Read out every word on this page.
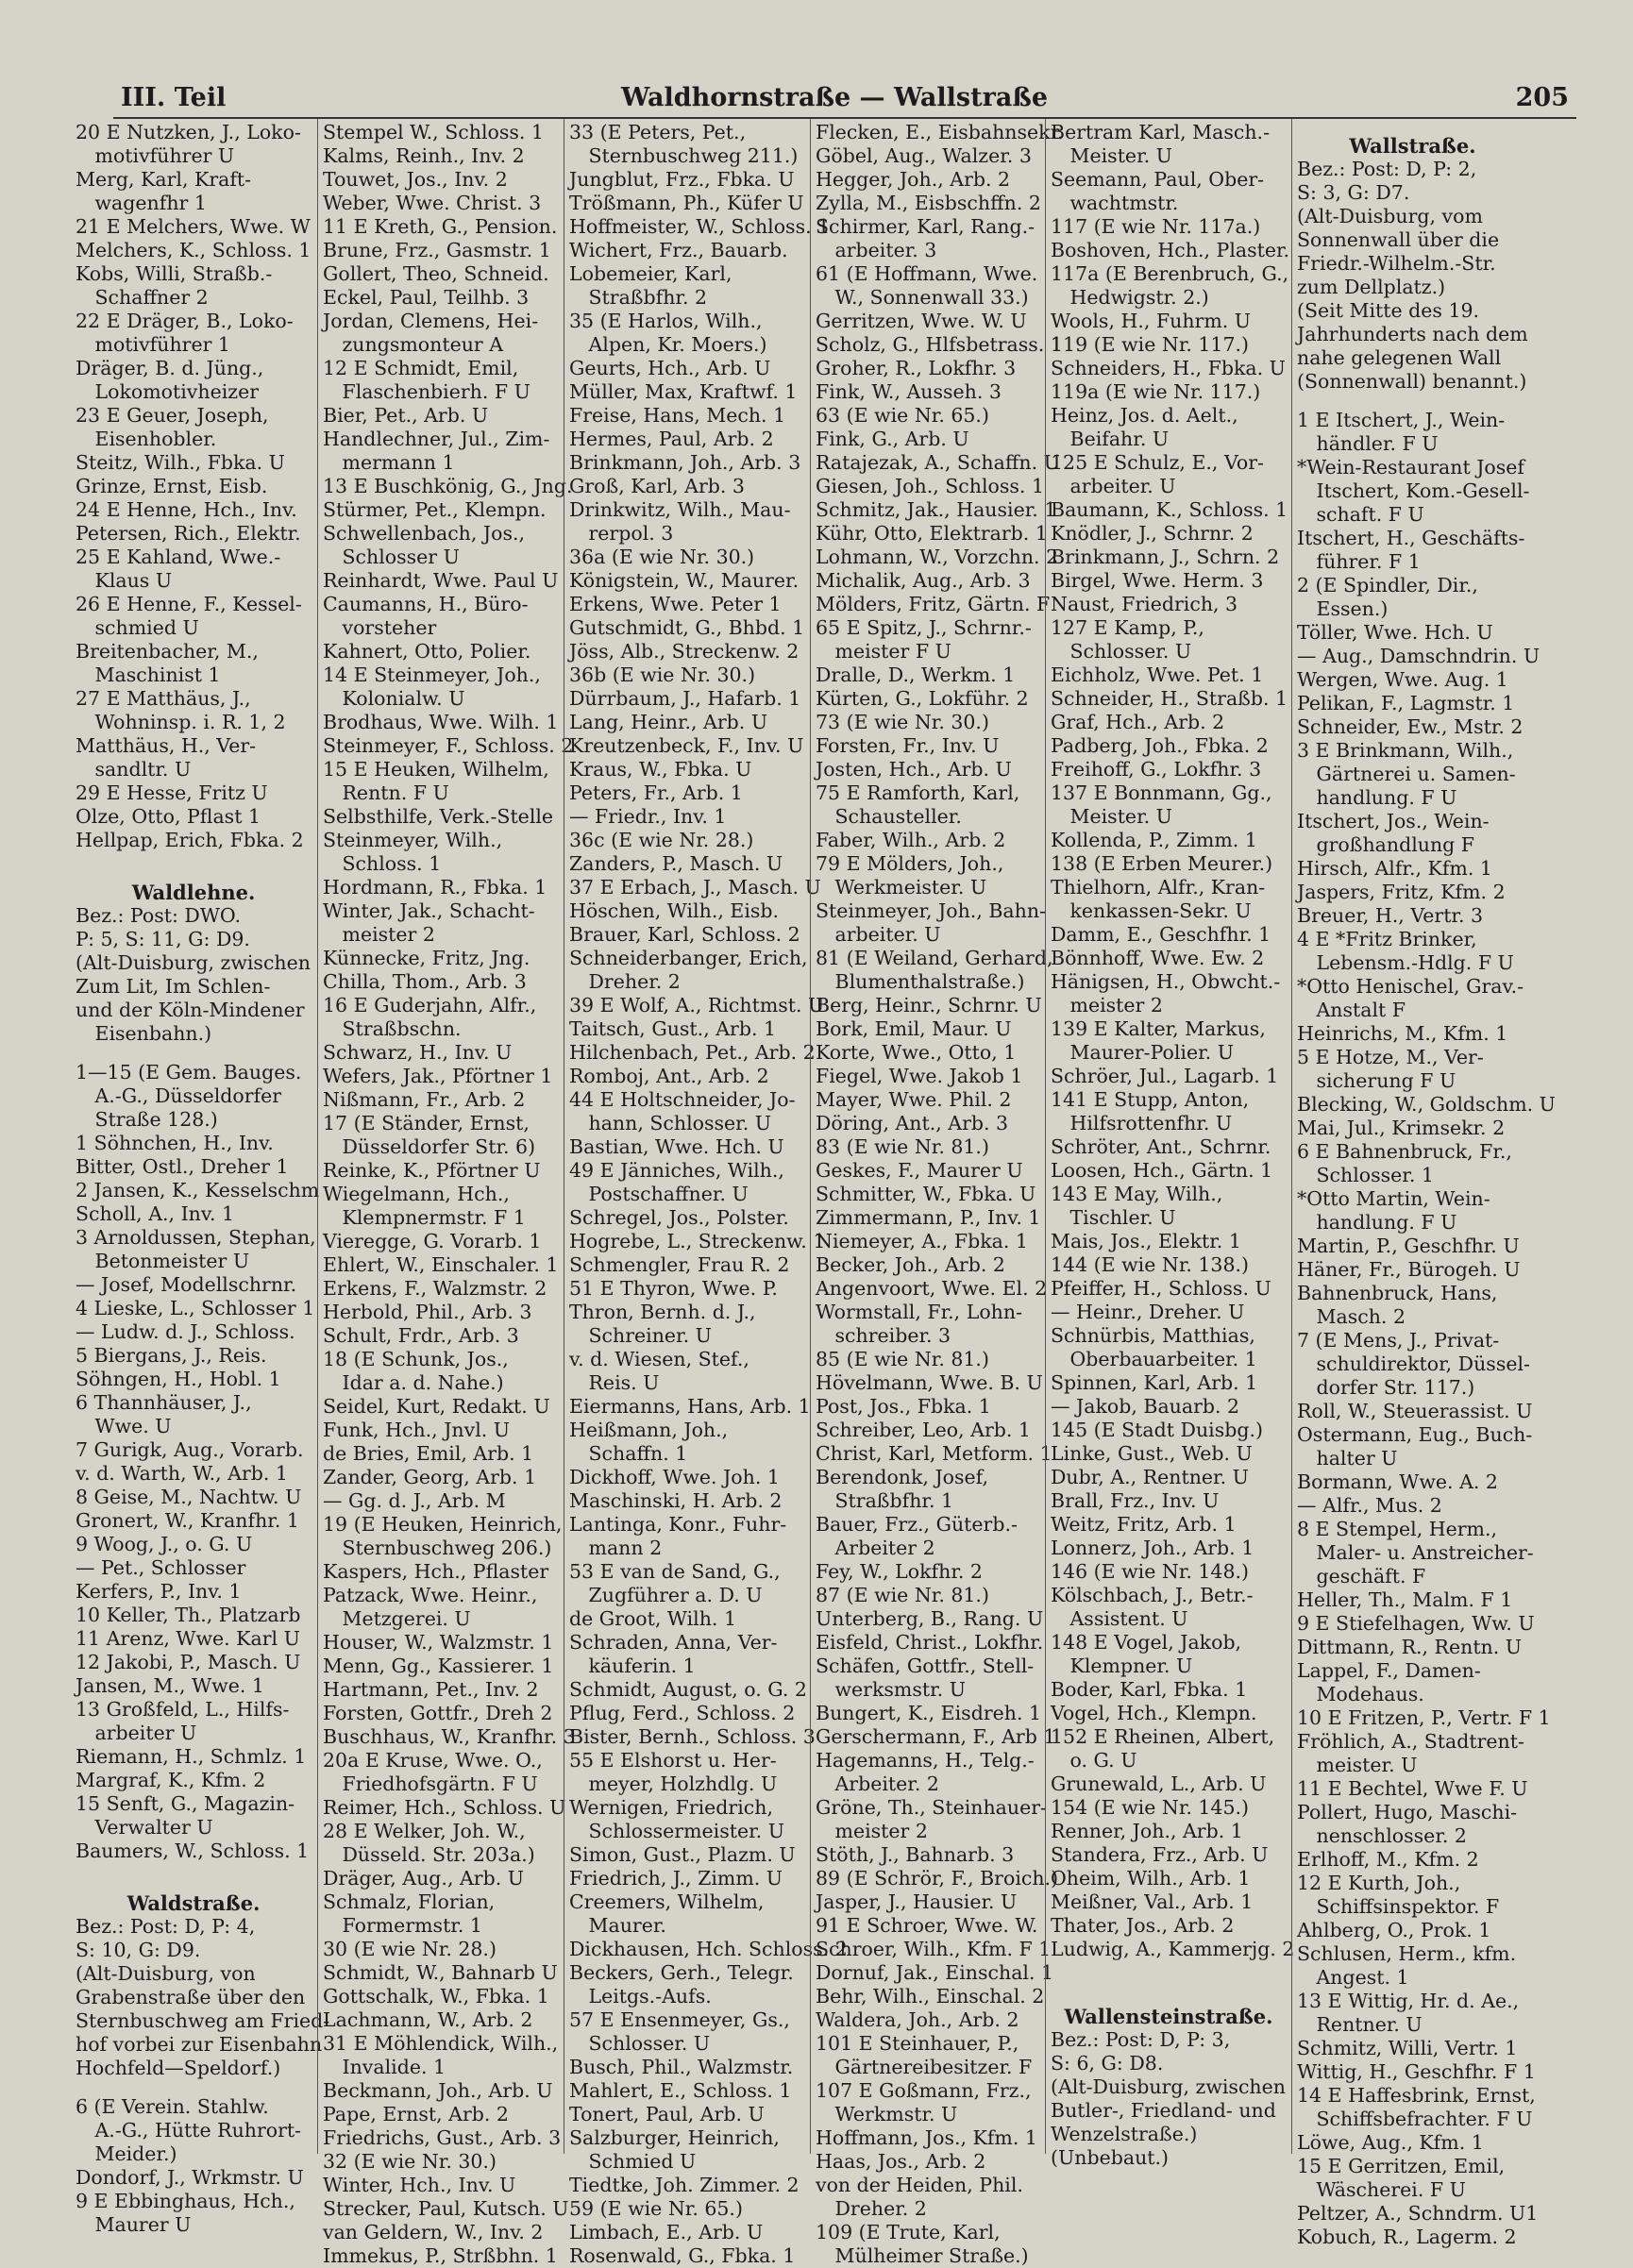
III. Teil	Waldhornstraße — Wallstraße	205
20 E Nutzken, J., Loko-
 motivführer U
Merg, Karl, Kraft-
 wagenfhr 1
21 E Melchers, Wwe. W
Melchers, K., Schloss. 1
Kobs, Willi, Straßb.-
 Schaffner 2
22 E Dräger, B., Loko-
 motivführer 1
Dräger, B. d. Jüng.,
 Lokomotivheizer
23 E Geuer, Joseph,
 Eisenhobler.
Steitz, Wilh., Fbka. U
Grinze, Ernst, Eisb.
24 E Henne, Hch., Inv.
Petersen, Rich., Elektr.
25 E Kahland, Wwe.-
 Klaus U
26 E Henne, F., Kessel-
 schmied U
Breitenbacher, M.,
 Maschinist 1
27 E Matthäus, J.,
 Wohninsp. i. R. 1, 2
Matthäus, H., Ver-
 sandltr. U
29 E Hesse, Fritz U
Olze, Otto, Pflast 1
Hellpap, Erich, Fbka. 2
Waldlehne.
Bez.: Post: DWO.
P: 5, S: 11, G: D9.
(Alt-Duisburg, zwischen
Zum Lit, Im Schlen-
und der Köln-Mindener
 Eisenbahn.)
1—15 (E Gem. Bauges.
 A.-G., Düsseldorfer
 Straße 128.)
1 Söhnchen, H., Inv.
Bitter, Ostl., Dreher 1
2 Jansen, K., Kesselschm
Scholl, A., Inv. 1
3 Arnoldussen, Stephan,
 Betonmeister U
— Josef, Modellschrnr.
4 Lieske, L., Schlosser 1
— Ludw. d. J., Schloss.
5 Biergans, J., Reis.
Söhngen, H., Hobl. 1
6 Thannhäuser, J.,
 Wwe. U
7 Gurigk, Aug., Vorarb.
v. d. Warth, W., Arb. 1
8 Geise, M., Nachtw. U
Gronert, W., Kranfhr. 1
9 Woog, J., o. G. U
— Pet., Schlosser
Kerfers, P., Inv. 1
10 Keller, Th., Platzarb
11 Arenz, Wwe. Karl U
12 Jakobi, P., Masch. U
Jansen, M., Wwe. 1
13 Großfeld, L., Hilfs-
 arbeiter U
Riemann, H., Schmlz. 1
Margraf, K., Kfm. 2
15 Senft, G., Magazin-
 Verwalter U
Baumers, W., Schloss. 1
Waldstraße.
Bez.: Post: D, P: 4,
S: 10, G: D9.
(Alt-Duisburg, von
Grabenstraße über den
Sternbuschweg am Fried-
hof vorbei zur Eisenbahn
Hochfeld—Speldorf.)
6 (E Verein. Stahlw.
 A.-G., Hütte Ruhrort-
 Meider.)
Dondorf, J., Wrkmstr. U
9 E Ebbinghaus, Hch.,
 Maurer U
Stempel W., Schloss. 1
Kalms, Reinh., Inv. 2
Touwet, Jos., Inv. 2
Weber, Wwe. Christ. 3
11 E Kreth, G., Pension.
Brune, Frz., Gasmstr. 1
Gollert, Theo, Schneid.
Eckel, Paul, Teilhb. 3
Jordan, Clemens, Hei-
 zungsmonteur A
12 E Schmidt, Emil,
 Flaschenbierh. F U
Bier, Pet., Arb. U
Handlechner, Jul., Zim-
 mermann 1
13 E Buschkönig, G., Jng.
Stürmer, Pet., Klempn.
Schwellenbach, Jos.,
 Schlosser U
Reinhardt, Wwe. Paul U
Caumanns, H., Büro-
 vorsteher
Kahnert, Otto, Polier.
14 E Steinmeyer, Joh.,
 Kolonialw. U
Brodhaus, Wwe. Wilh. 1
Steinmeyer, F., Schloss. 2
15 E Heuken, Wilhelm,
 Rentn. F U
Selbsthilfe, Verk.-Stelle
Steinmeyer, Wilh.,
 Schloss. 1
Hordmann, R., Fbka. 1
Winter, Jak., Schacht-
 meister 2
Künnecke, Fritz, Jng.
Chilla, Thom., Arb. 3
16 E Guderjahn, Alfr.,
 Straßbschn.
Schwarz, H., Inv. U
Wefers, Jak., Pförtner 1
Nißmann, Fr., Arb. 2
17 (E Ständer, Ernst,
 Düsseldorfer Str. 6)
Reinke, K., Pförtner U
Wiegelmann, Hch.,
 Klempnermstr. F 1
Vieregge, G. Vorarb. 1
Ehlert, W., Einschaler. 1
Erkens, F., Walzmstr. 2
Herbold, Phil., Arb. 3
Schult, Frdr., Arb. 3
18 (E Schunk, Jos.,
 Idar a. d. Nahe.)
Seidel, Kurt, Redakt. U
Funk, Hch., Jnvl. U
de Bries, Emil, Arb. 1
Zander, Georg, Arb. 1
— Gg. d. J., Arb. M
19 (E Heuken, Heinrich,
 Sternbuschweg 206.)
Kaspers, Hch., Pflaster
Patzack, Wwe. Heinr.,
 Metzgerei. U
Houser, W., Walzmstr. 1
Menn, Gg., Kassierer. 1
Hartmann, Pet., Inv. 2
Forsten, Gottfr., Dreh 2
Buschhaus, W., Kranfhr. 3
20a E Kruse, Wwe. O.,
 Friedhofsgärtn. F U
Reimer, Hch., Schloss. U
28 E Welker, Joh. W.,
 Düsseld. Str. 203a.)
Dräger, Aug., Arb. U
Schmalz, Florian,
 Formermstr. 1
30 (E wie Nr. 28.)
Schmidt, W., Bahnarb U
Gottschalk, W., Fbka. 1
Lachmann, W., Arb. 2
31 E Möhlendick, Wilh.,
 Invalide. 1
Beckmann, Joh., Arb. U
Pape, Ernst, Arb. 2
Friedrichs, Gust., Arb. 3
32 (E wie Nr. 30.)
Winter, Hch., Inv. U
Strecker, Paul, Kutsch. U
van Geldern, W., Inv. 2
Immekus, P., Strßbhn. 1
33 (E Peters, Pet.,
 Sternbuschweg 211.)
Jungblut, Frz., Fbka. U
Trößmann, Ph., Küfer U
Hoffmeister, W., Schloss. 1
Wichert, Frz., Bauarb.
Lobemeier, Karl,
 Straßbfhr. 2
35 (E Harlos, Wilh.,
 Alpen, Kr. Moers.)
Geurts, Hch., Arb. U
Müller, Max, Kraftwf. 1
Freise, Hans, Mech. 1
Hermes, Paul, Arb. 2
Brinkmann, Joh., Arb. 3
Groß, Karl, Arb. 3
Drinkwitz, Wilh., Mau-
 rerpol. 3
36a (E wie Nr. 30.)
Königstein, W., Maurer.
Erkens, Wwe. Peter 1
Gutschmidt, G., Bhbd. 1
Jöss, Alb., Streckenw. 2
36b (E wie Nr. 30.)
Dürrbaum, J., Hafarb. 1
Lang, Heinr., Arb. U
Kreutzenbeck, F., Inv. U
Kraus, W., Fbka. U
Peters, Fr., Arb. 1
— Friedr., Inv. 1
36c (E wie Nr. 28.)
Zanders, P., Masch. U
37 E Erbach, J., Masch. U
Höschen, Wilh., Eisb.
Brauer, Karl, Schloss. 2
Schneiderbanger, Erich,
 Dreher. 2
39 E Wolf, A., Richtmst. U
Taitsch, Gust., Arb. 1
Hilchenbach, Pet., Arb. 2
Romboj, Ant., Arb. 2
44 E Holtschneider, Jo-
 hann, Schlosser. U
Bastian, Wwe. Hch. U
49 E Jänniches, Wilh.,
 Postschaffner. U
Schregel, Jos., Polster.
Hogrebe, L., Streckenw. 1
Schmengler, Frau R. 2
51 E Thyron, Wwe. P.
Thron, Bernh. d. J.,
 Schreiner. U
v. d. Wiesen, Stef.,
 Reis. U
Eiermanns, Hans, Arb. 1
Heißmann, Joh.,
 Schaffn. 1
Dickhoff, Wwe. Joh. 1
Maschinski, H. Arb. 2
Lantinga, Konr., Fuhr-
 mann 2
53 E van de Sand, G.,
 Zugführer a. D. U
de Groot, Wilh. 1
Schraden, Anna, Ver-
 käuferin. 1
Schmidt, August, o. G. 2
Pflug, Ferd., Schloss. 2
Bister, Bernh., Schloss. 3
55 E Elshorst u. Her-
 meyer, Holzhdlg. U
Wernigen, Friedrich,
 Schlossermeister. U
Simon, Gust., Plazm. U
Friedrich, J., Zimm. U
Creemers, Wilhelm,
 Maurer.
Dickhausen, Hch. Schloss. 2
Beckers, Gerh., Telegr.
 Leitgs.-Aufs.
57 E Ensenmeyer, Gs.,
 Schlosser. U
Busch, Phil., Walzmstr.
Mahlert, E., Schloss. 1
Tonert, Paul, Arb. U
Salzburger, Heinrich,
 Schmied U
Tiedtke, Joh. Zimmer. 2
59 (E wie Nr. 65.)
Limbach, E., Arb. U
Rosenwald, G., Fbka. 1
Flecken, E., Eisbahnsekr.
Göbel, Aug., Walzer. 3
Hegger, Joh., Arb. 2
Zylla, M., Eisbschffn. 2
Schirmer, Karl, Rang.-
 arbeiter. 3
61 (E Hoffmann, Wwe.
 W., Sonnenwall 33.)
Gerritzen, Wwe. W. U
Scholz, G., Hlfsbetrass. 1
Groher, R., Lokfhr. 3
Fink, W., Ausseh. 3
63 (E wie Nr. 65.)
Fink, G., Arb. U
Ratajezak, A., Schaffn. U
Giesen, Joh., Schloss. 1
Schmitz, Jak., Hausier. 1
Kühr, Otto, Elektrarb. 1
Lohmann, W., Vorzchn. 2
Michalik, Aug., Arb. 3
Mölders, Fritz, Gärtn. F
65 E Spitz, J., Schrnr.-
 meister F U
Dralle, D., Werkm. 1
Kürten, G., Lokführ. 2
73 (E wie Nr. 30.)
Forsten, Fr., Inv. U
Josten, Hch., Arb. U
75 E Ramforth, Karl,
 Schausteller.
Faber, Wilh., Arb. 2
79 E Mölders, Joh.,
 Werkmeister. U
Steinmeyer, Joh., Bahn-
 arbeiter. U
81 (E Weiland, Gerhard,
 Blumenthalstraße.)
Berg, Heinr., Schrnr. U
Bork, Emil, Maur. U
Korte, Wwe., Otto, 1
Fiegel, Wwe. Jakob 1
Mayer, Wwe. Phil. 2
Döring, Ant., Arb. 3
83 (E wie Nr. 81.)
Geskes, F., Maurer U
Schmitter, W., Fbka. U
Zimmermann, P., Inv. 1
Niemeyer, A., Fbka. 1
Becker, Joh., Arb. 2
Angenvoort, Wwe. El. 2
Wormstall, Fr., Lohn-
 schreiber. 3
85 (E wie Nr. 81.)
Hövelmann, Wwe. B. U
Post, Jos., Fbka. 1
Schreiber, Leo, Arb. 1
Christ, Karl, Metform. 1
Berendonk, Josef,
 Straßbfhr. 1
Bauer, Frz., Güterb.-
 Arbeiter 2
Fey, W., Lokfhr. 2
87 (E wie Nr. 81.)
Unterberg, B., Rang. U
Eisfeld, Christ., Lokfhr.
Schäfen, Gottfr., Stell-
 werksmstr. U
Bungert, K., Eisdreh. 1
Gerschermann, F., Arb 1
Hagemanns, H., Telg.-
 Arbeiter. 2
Gröne, Th., Steinhauer-
 meister 2
Stöth, J., Bahnarb. 3
89 (E Schrör, F., Broich.)
Jasper, J., Hausier. U
91 E Schroer, Wwe. W.
Schroer, Wilh., Kfm. F 1
Dornuf, Jak., Einschal. 1
Behr, Wilh., Einschal. 2
Waldera, Joh., Arb. 2
101 E Steinhauer, P.,
 Gärtnereibesitzer. F
107 E Goßmann, Frz.,
 Werkmstr. U
Hoffmann, Jos., Kfm. 1
Haas, Jos., Arb. 2
von der Heiden, Phil.
 Dreher. 2
109 (E Trute, Karl,
 Mülheimer Straße.)
Bertram Karl, Masch.-
 Meister. U
Seemann, Paul, Ober-
 wachtmstr.
117 (E wie Nr. 117a.)
Boshoven, Hch., Plaster.
117a (E Berenbruch, G.,
 Hedwigstr. 2.)
Wools, H., Fuhrm. U
119 (E wie Nr. 117.)
Schneiders, H., Fbka. U
119a (E wie Nr. 117.)
Heinz, Jos. d. Aelt.,
 Beifahr. U
125 E Schulz, E., Vor-
 arbeiter. U
Baumann, K., Schloss. 1
Knödler, J., Schrnr. 2
Brinkmann, J., Schrn. 2
Birgel, Wwe. Herm. 3
Naust, Friedrich, 3
127 E Kamp, P.,
 Schlosser. U
Eichholz, Wwe. Pet. 1
Schneider, H., Straßb. 1
Graf, Hch., Arb. 2
Padberg, Joh., Fbka. 2
Freihoff, G., Lokfhr. 3
137 E Bonnmann, Gg.,
 Meister. U
Kollenda, P., Zimm. 1
138 (E Erben Meurer.)
Thielhorn, Alfr., Kran-
 kenkassen-Sekr. U
Damm, E., Geschfhr. 1
Bönnhoff, Wwe. Ew. 2
Hänigsen, H., Obwcht.-
 meister 2
139 E Kalter, Markus,
 Maurer-Polier. U
Schröer, Jul., Lagarb. 1
141 E Stupp, Anton,
 Hilfsrottenfhr. U
Schröter, Ant., Schrnr.
Loosen, Hch., Gärtn. 1
143 E May, Wilh.,
 Tischler. U
Mais, Jos., Elektr. 1
144 (E wie Nr. 138.)
Pfeiffer, H., Schloss. U
— Heinr., Dreher. U
Schnürbis, Matthias,
 Oberbauarbeiter. 1
Spinnen, Karl, Arb. 1
— Jakob, Bauarb. 2
145 (E Stadt Duisbg.)
Linke, Gust., Web. U
Dubr, A., Rentner. U
Brall, Frz., Inv. U
Weitz, Fritz, Arb. 1
Lonnerz, Joh., Arb. 1
146 (E wie Nr. 148.)
Kölschbach, J., Betr.-
 Assistent. U
148 E Vogel, Jakob,
 Klempner. U
Boder, Karl, Fbka. 1
Vogel, Hch., Klempn.
152 E Rheinen, Albert,
 o. G. U
Grunewald, L., Arb. U
154 (E wie Nr. 145.)
Renner, Joh., Arb. 1
Standera, Frz., Arb. U
Oheim, Wilh., Arb. 1
Meißner, Val., Arb. 1
Thater, Jos., Arb. 2
Ludwig, A., Kammerjg. 2
Wallensteinstraße.
Bez.: Post: D, P: 3,
S: 6, G: D8.
(Alt-Duisburg, zwischen
Butler-, Friedland- und
Wenzelstraße.)
(Unbebaut.)
Wallstraße.
Bez.: Post: D, P: 2,
S: 3, G: D7.
(Alt-Duisburg, vom
Sonnenwall über die
Friedr.-Wilhelm.-Str.
zum Dellplatz.)
(Seit Mitte des 19.
Jahrhunderts nach dem
nahe gelegenen Wall
(Sonnenwall) benannt.)
1 E Itschert, J., Wein-
 händler. F U
*Wein-Restaurant Josef
 Itschert, Kom.-Gesell-
 schaft. F U
Itschert, H., Geschäfts-
 führer. F 1
2 (E Spindler, Dir.,
 Essen.)
Töller, Wwe. Hch. U
— Aug., Damschndrin. U
Wergen, Wwe. Aug. 1
Pelikan, F., Lagmstr. 1
Schneider, Ew., Mstr. 2
3 E Brinkmann, Wilh.,
 Gärtnerei u. Samen-
 handlung. F U
Itschert, Jos., Wein-
 großhandlung F
Hirsch, Alfr., Kfm. 1
Jaspers, Fritz, Kfm. 2
Breuer, H., Vertr. 3
4 E *Fritz Brinker,
 Lebensm.-Hdlg. F U
*Otto Henischel, Grav.-
 Anstalt F
Heinrichs, M., Kfm. 1
5 E Hotze, M., Ver-
 sicherung F U
Blecking, W., Goldschm. U
Mai, Jul., Krimsekr. 2
6 E Bahnenbruck, Fr.,
 Schlosser. 1
*Otto Martin, Wein-
 handlung. F U
Martin, P., Geschfhr. U
Häner, Fr., Bürogeh. U
Bahnenbruck, Hans,
 Masch. 2
7 (E Mens, J., Privat-
 schuldirektor, Düssel-
 dorfer Str. 117.)
Roll, W., Steuerassist. U
Ostermann, Eug., Buch-
 halter U
Bormann, Wwe. A. 2
— Alfr., Mus. 2
8 E Stempel, Herm.,
 Maler- u. Anstreicher-
 geschäft. F
Heller, Th., Malm. F 1
9 E Stiefelhagen, Ww. U
Dittmann, R., Rentn. U
Lappel, F., Damen-
 Modehaus.
10 E Fritzen, P., Vertr. F 1
Fröhlich, A., Stadtrent-
 meister. U
11 E Bechtel, Wwe F. U
Pollert, Hugo, Maschi-
 nenschlosser. 2
Erlhoff, M., Kfm. 2
12 E Kurth, Joh.,
 Schiffsinspektor. F
Ahlberg, O., Prok. 1
Schlusen, Herm., kfm.
 Angest. 1
13 E Wittig, Hr. d. Ae.,
 Rentner. U
Schmitz, Willi, Vertr. 1
Wittig, H., Geschfhr. F 1
14 E Haffesbrink, Ernst,
 Schiffsbefrachter. F U
Löwe, Aug., Kfm. 1
15 E Gerritzen, Emil,
 Wäscherei. F U
Peltzer, A., Schndrm. U1
Kobuch, R., Lagerm. 2
